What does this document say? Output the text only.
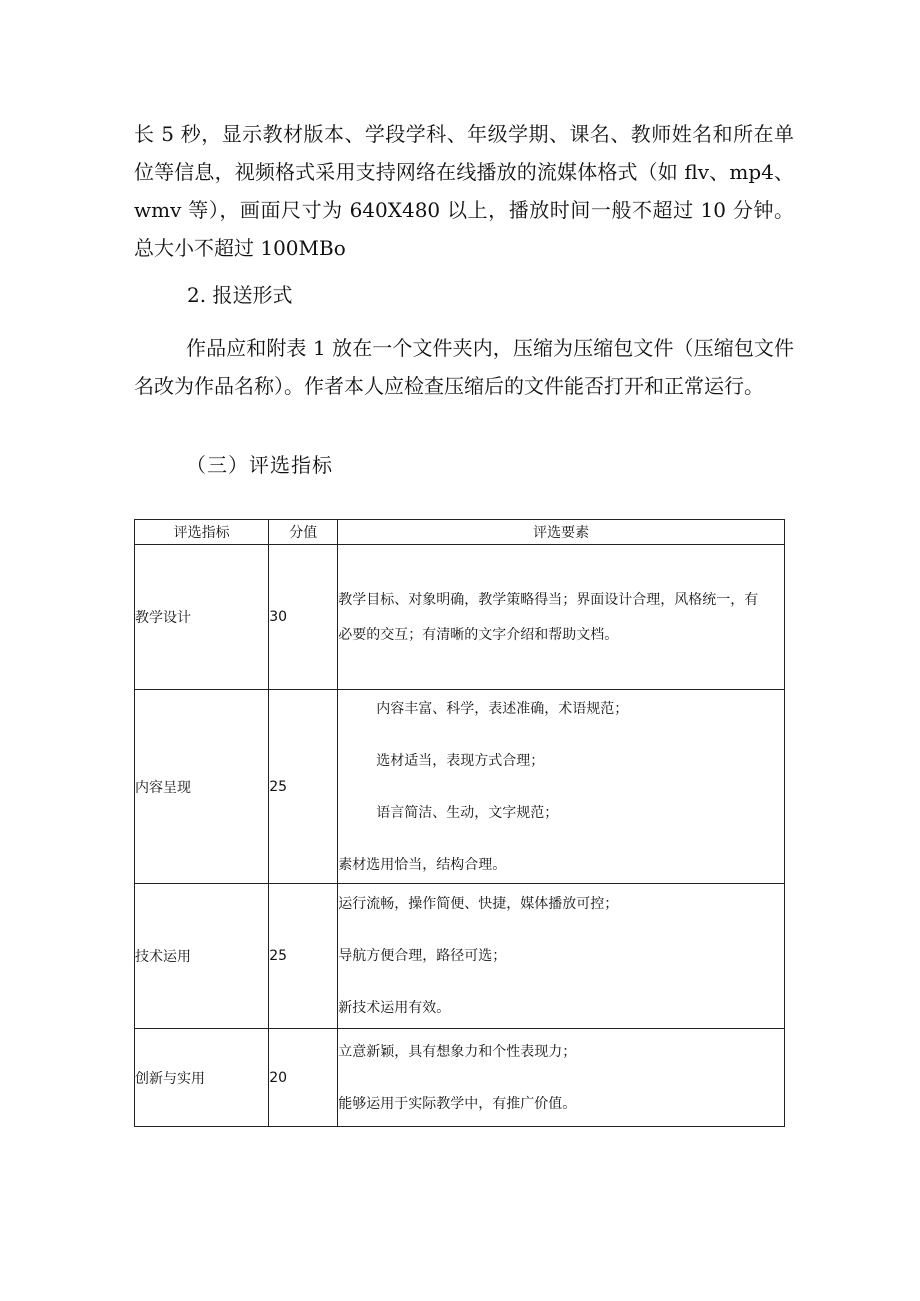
长 5 秒，显示教材版本、学段学科、年级学期、课名、教师姓名和所在单位等信息，视频格式采用支持网络在线播放的流媒体格式（如 flv、mp4、wmv 等），画面尺寸为 640X480 以上，播放时间一般不超过 10 分钟。总大小不超过 100MBo

2. 报送形式

作品应和附表 1 放在一个文件夹内，压缩为压缩包文件（压缩包文件名改为作品名称）。作者本人应检查压缩后的文件能否打开和正常运行。

（三）评选指标

评选指标	分值	评选要素
教学设计	30	教学目标、对象明确，教学策略得当；界面设计合理，风格统一，有
必要的交互；有清晰的文字介绍和帮助文档。

内容呈现	25	内容丰富、科学，表述准确，术语规范；
选材适当，表现方式合理；
语言简洁、生动，文字规范；
素材选用恰当，结构合理。

技术运用	25	运行流畅，操作简便、快捷，媒体播放可控；
导航方便合理，路径可选；
新技术运用有效。

创新与实用	20	立意新颖，具有想象力和个性表现力；
能够运用于实际教学中，有推广价值。
